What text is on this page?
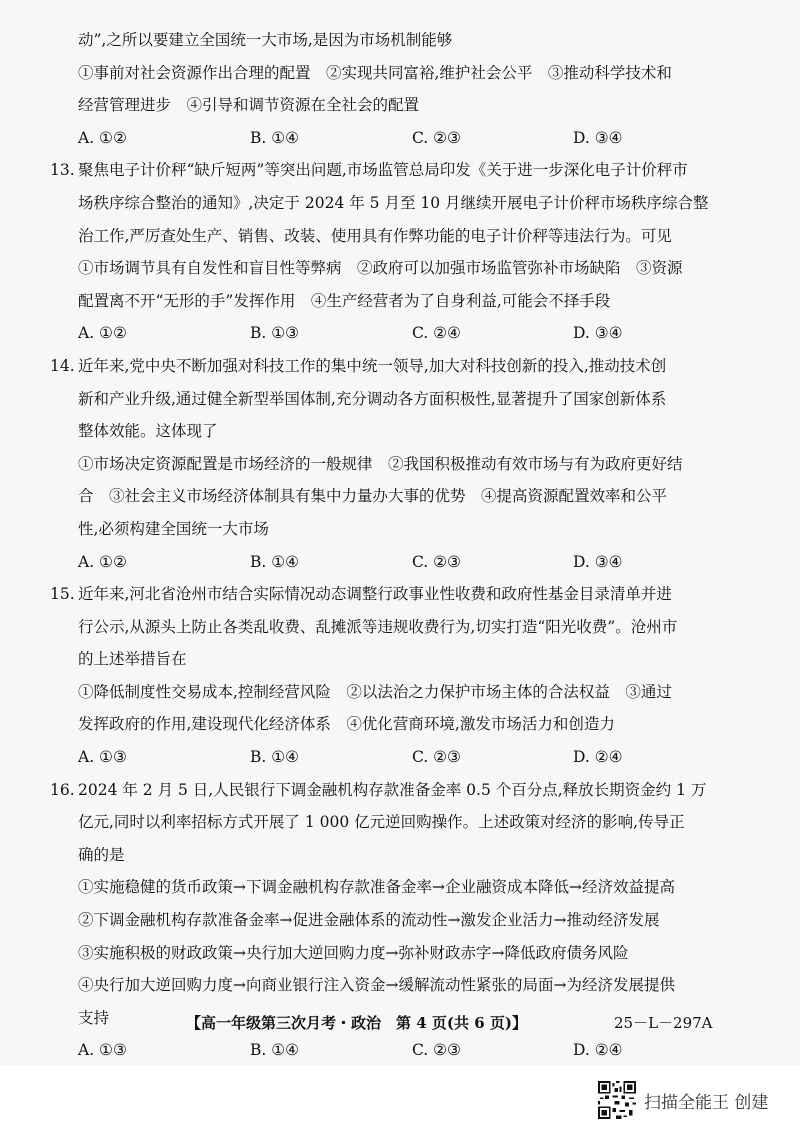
动”,之所以要建立全国统一大市场,是因为市场机制能够
①事前对社会资源作出合理的配置　②实现共同富裕,维护社会公平　③推动科学技术和
经营管理进步　④引导和调节资源在全社会的配置
A. ①②	B. ①④	C. ②③	D. ③④
13. 聚焦电子计价秤“缺斤短两”等突出问题,市场监管总局印发《关于进一步深化电子计价秤市
场秩序综合整治的通知》,决定于 2024 年 5 月至 10 月继续开展电子计价秤市场秩序综合整
治工作,严厉查处生产、销售、改装、使用具有作弊功能的电子计价秤等违法行为。可见
①市场调节具有自发性和盲目性等弊病　②政府可以加强市场监管弥补市场缺陷　③资源
配置离不开“无形的手”发挥作用　④生产经营者为了自身利益,可能会不择手段
A. ①②	B. ①③	C. ②④	D. ③④
14. 近年来,党中央不断加强对科技工作的集中统一领导,加大对科技创新的投入,推动技术创
新和产业升级,通过健全新型举国体制,充分调动各方面积极性,显著提升了国家创新体系
整体效能。这体现了
①市场决定资源配置是市场经济的一般规律　②我国积极推动有效市场与有为政府更好结
合　③社会主义市场经济体制具有集中力量办大事的优势　④提高资源配置效率和公平
性,必须构建全国统一大市场
A. ①②	B. ①④	C. ②③	D. ③④
15. 近年来,河北省沧州市结合实际情况动态调整行政事业性收费和政府性基金目录清单并进
行公示,从源头上防止各类乱收费、乱摊派等违规收费行为,切实打造“阳光收费”。沧州市
的上述举措旨在
①降低制度性交易成本,控制经营风险　②以法治之力保护市场主体的合法权益　③通过
发挥政府的作用,建设现代化经济体系　④优化营商环境,激发市场活力和创造力
A. ①③	B. ①④	C. ②③	D. ②④
16. 2024 年 2 月 5 日,人民银行下调金融机构存款准备金率 0.5 个百分点,释放长期资金约 1 万
亿元,同时以利率招标方式开展了 1 000 亿元逆回购操作。上述政策对经济的影响,传导正
确的是
①实施稳健的货币政策→下调金融机构存款准备金率→企业融资成本降低→经济效益提高
②下调金融机构存款准备金率→促进金融体系的流动性→激发企业活力→推动经济发展
③实施积极的财政政策→央行加大逆回购力度→弥补财政赤字→降低政府债务风险
④央行加大逆回购力度→向商业银行注入资金→缓解流动性紧张的局面→为经济发展提供
支持
A. ①③	B. ①④	C. ②③	D. ②④
【高一年级第三次月考・政治　第 4 页(共 6 页)】	25－L－297A
扫描全能王 创建
